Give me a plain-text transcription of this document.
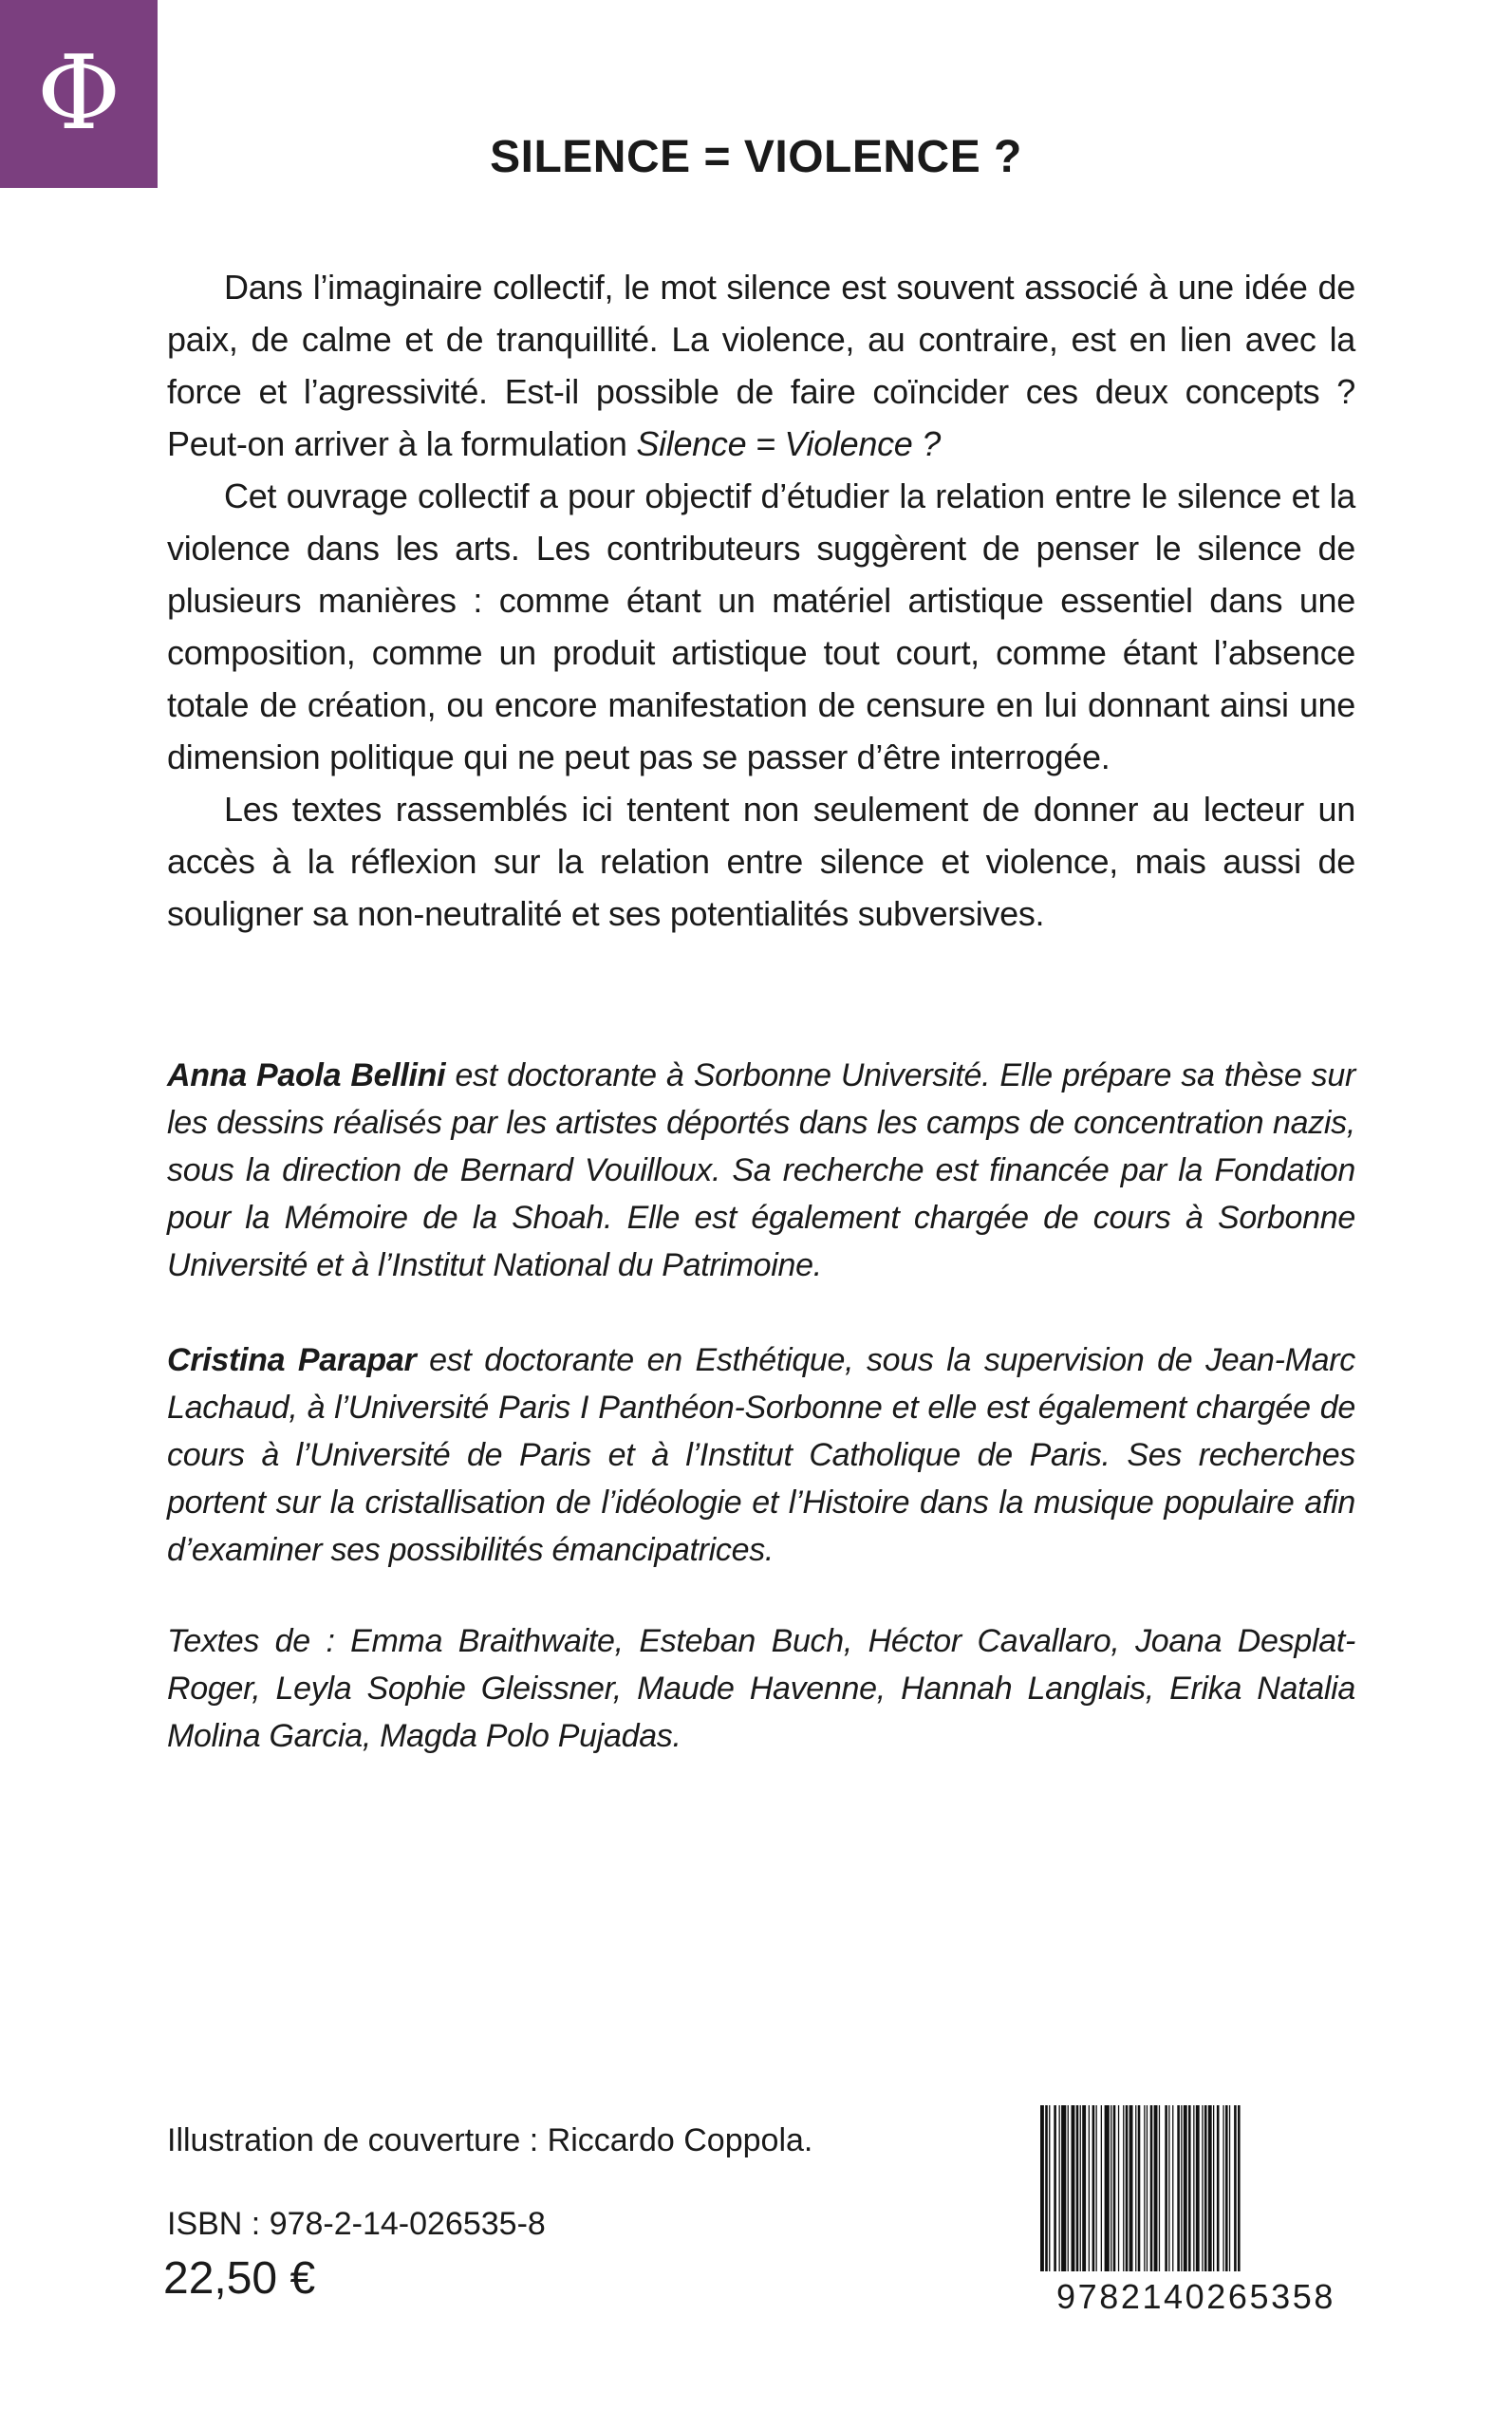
Φ
SILENCE = VIOLENCE ?

Dans l’imaginaire collectif, le mot silence est souvent associé à une idée de paix, de calme et de tranquillité. La violence, au contraire, est en lien avec la force et l’agressivité. Est-il possible de faire coïncider ces deux concepts ? Peut-on arriver à la formulation Silence = Violence ?

Cet ouvrage collectif a pour objectif d’étudier la relation entre le silence et la violence dans les arts. Les contributeurs suggèrent de penser le silence de plusieurs manières : comme étant un matériel artistique essentiel dans une composition, comme un produit artistique tout court, comme étant l’absence totale de création, ou encore manifestation de censure en lui donnant ainsi une dimension politique qui ne peut pas se passer d’être interrogée.

Les textes rassemblés ici tentent non seulement de donner au lecteur un accès à la réflexion sur la relation entre silence et violence, mais aussi de souligner sa non-neutralité et ses potentialités subversives.

Anna Paola Bellini est doctorante à Sorbonne Université. Elle prépare sa thèse sur les dessins réalisés par les artistes déportés dans les camps de concentration nazis, sous la direction de Bernard Vouilloux. Sa recherche est financée par la Fondation pour la Mémoire de la Shoah. Elle est également chargée de cours à Sorbonne Université et à l’Institut National du Patrimoine.

Cristina Parapar est doctorante en Esthétique, sous la supervision de Jean-Marc Lachaud, à l’Université Paris I Panthéon-Sorbonne et elle est également chargée de cours à l’Université de Paris et à l’Institut Catholique de Paris. Ses recherches portent sur la cristallisation de l’idéologie et l’Histoire dans la musique populaire afin d’examiner ses possibilités émancipatrices.

Textes de : Emma Braithwaite, Esteban Buch, Héctor Cavallaro, Joana Desplat-Roger, Leyla Sophie Gleissner, Maude Havenne, Hannah Langlais, Erika Natalia Molina Garcia, Magda Polo Pujadas.

Illustration de couverture : Riccardo Coppola.

ISBN : 978-2-14-026535-8

22,50 €	9782140265358
